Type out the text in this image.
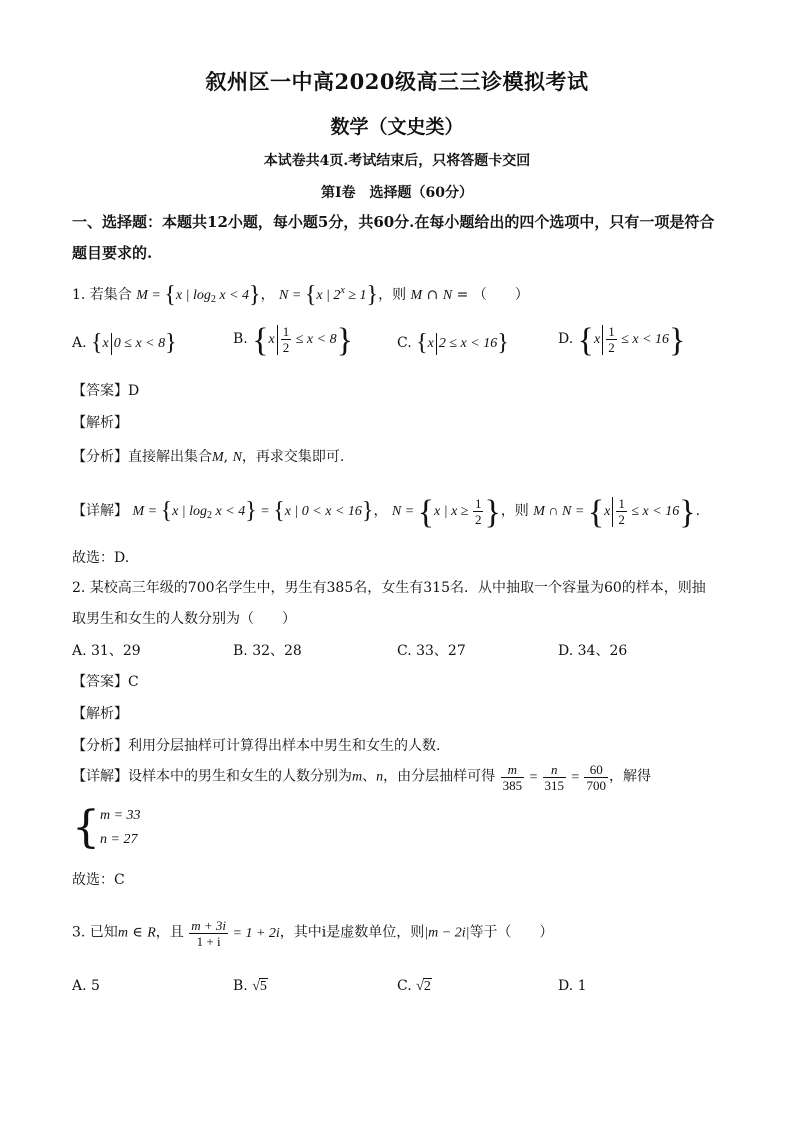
叙州区一中高2020级高三三诊模拟考试
数学（文史类）
本试卷共4页.考试结束后，只将答题卡交回
第I卷　选择题（60分）
一、选择题：本题共12小题，每小题5分，共60分.在每小题给出的四个选项中，只有一项是符合题目要求的.
1. 若集合 M = {x | $\log_2 x < 4$}， N = {x | $2^x \ge 1$}，则 M ∩ N = （　　）
A. {x 0 ≤ x < 8}	B. $\{x \frac{1}{2} \le x < 8\}$	C. {x 2 ≤ x < 16}	D. $\{x \frac{1}{2} \le x < 16\}$
【答案】D
【解析】
【分析】直接解出集合M, N，再求交集即可.
【详解】 M = {x | $\log_2 x < 4\} = \{x$ | 0 < x < 16}， N = {x | $x \ge \frac{1}{2}$ }，则 M ∩ $N = \{x \frac{1}{2} \le x < 16\}$.
故选：D.
2. 某校高三年级的700名学生中，男生有385名，女生有315名．从中抽取一个容量为60的样本，则抽
取男生和女生的人数分别为（　　）
A. 31、29	B. 32、28	C. 33、27	D. 34、26
【答案】C
【解析】
【分析】利用分层抽样可计算得出样本中男生和女生的人数.
【详解】设样本中的男生和女生的人数分别为m、n，由分层抽样可得 $\frac{m}{385} = \frac{n}{315} = \frac{60}{700}$ ，解得
{m = 33
n = 27
故选：C
3. 已知m ∈ R，且 $\frac{m + 3i}{1 + i} = 1 + 2i$，其中i是虚数单位，则|m − 2i|等于（　　）
A. 5	B. √5	C. √2	D. 1
